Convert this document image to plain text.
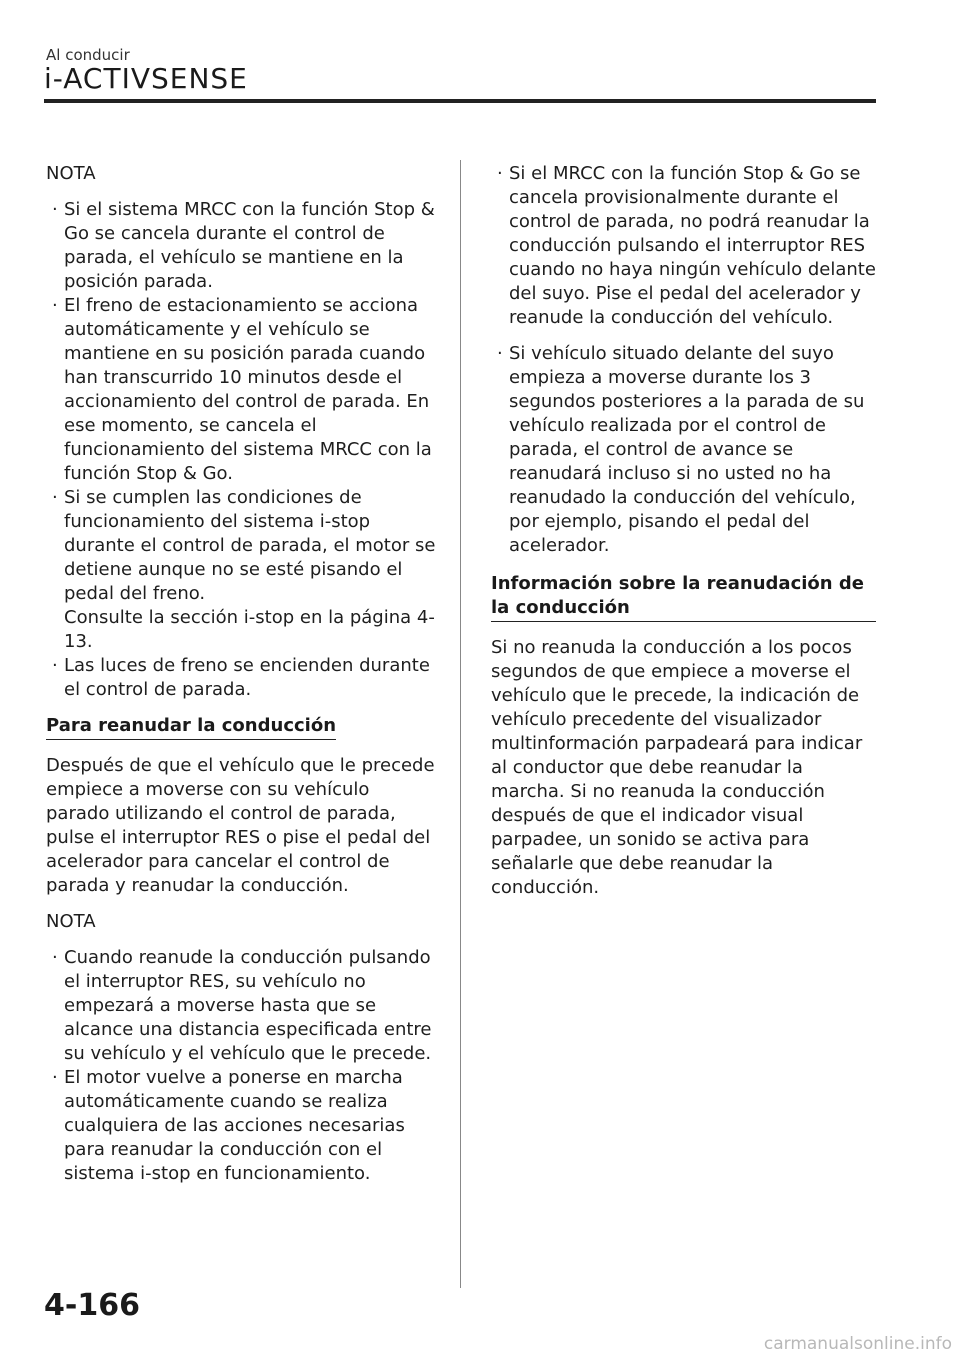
Al conducir
i-ACTIVSENSE
NOTA
· Si el sistema MRCC con la función Stop & Go se cancela durante el control de parada, el vehículo se mantiene en la posición parada.
· El freno de estacionamiento se acciona automáticamente y el vehículo se mantiene en su posición parada cuando han transcurrido 10 minutos desde el accionamiento del control de parada. En ese momento, se cancela el funcionamiento del sistema MRCC con la función Stop & Go.
· Si se cumplen las condiciones de funcionamiento del sistema i-stop durante el control de parada, el motor se detiene aunque no se esté pisando el pedal del freno.
Consulte la sección i-stop en la página 4-13.
· Las luces de freno se encienden durante el control de parada.
Para reanudar la conducción

Después de que el vehículo que le precede empiece a moverse con su vehículo parado utilizando el control de parada, pulse el interruptor RES o pise el pedal del acelerador para cancelar el control de parada y reanudar la conducción.

NOTA
· Cuando reanude la conducción pulsando el interruptor RES, su vehículo no empezará a moverse hasta que se alcance una distancia especificada entre su vehículo y el vehículo que le precede.
· El motor vuelve a ponerse en marcha automáticamente cuando se realiza cualquiera de las acciones necesarias para reanudar la conducción con el sistema i-stop en funcionamiento.
· Si el MRCC con la función Stop & Go se cancela provisionalmente durante el control de parada, no podrá reanudar la conducción pulsando el interruptor RES cuando no haya ningún vehículo delante del suyo. Pise el pedal del acelerador y reanude la conducción del vehículo.
· Si vehículo situado delante del suyo empieza a moverse durante los 3 segundos posteriores a la parada de su vehículo realizada por el control de parada, el control de avance se reanudará incluso si no usted no ha reanudado la conducción del vehículo, por ejemplo, pisando el pedal del acelerador.
Información sobre la reanudación de la conducción

Si no reanuda la conducción a los pocos segundos de que empiece a moverse el vehículo que le precede, la indicación de vehículo precedente del visualizador multinformación parpadeará para indicar al conductor que debe reanudar la marcha. Si no reanuda la conducción después de que el indicador visual parpadee, un sonido se activa para señalarle que debe reanudar la conducción.

4-166
carmanualsonline.info
